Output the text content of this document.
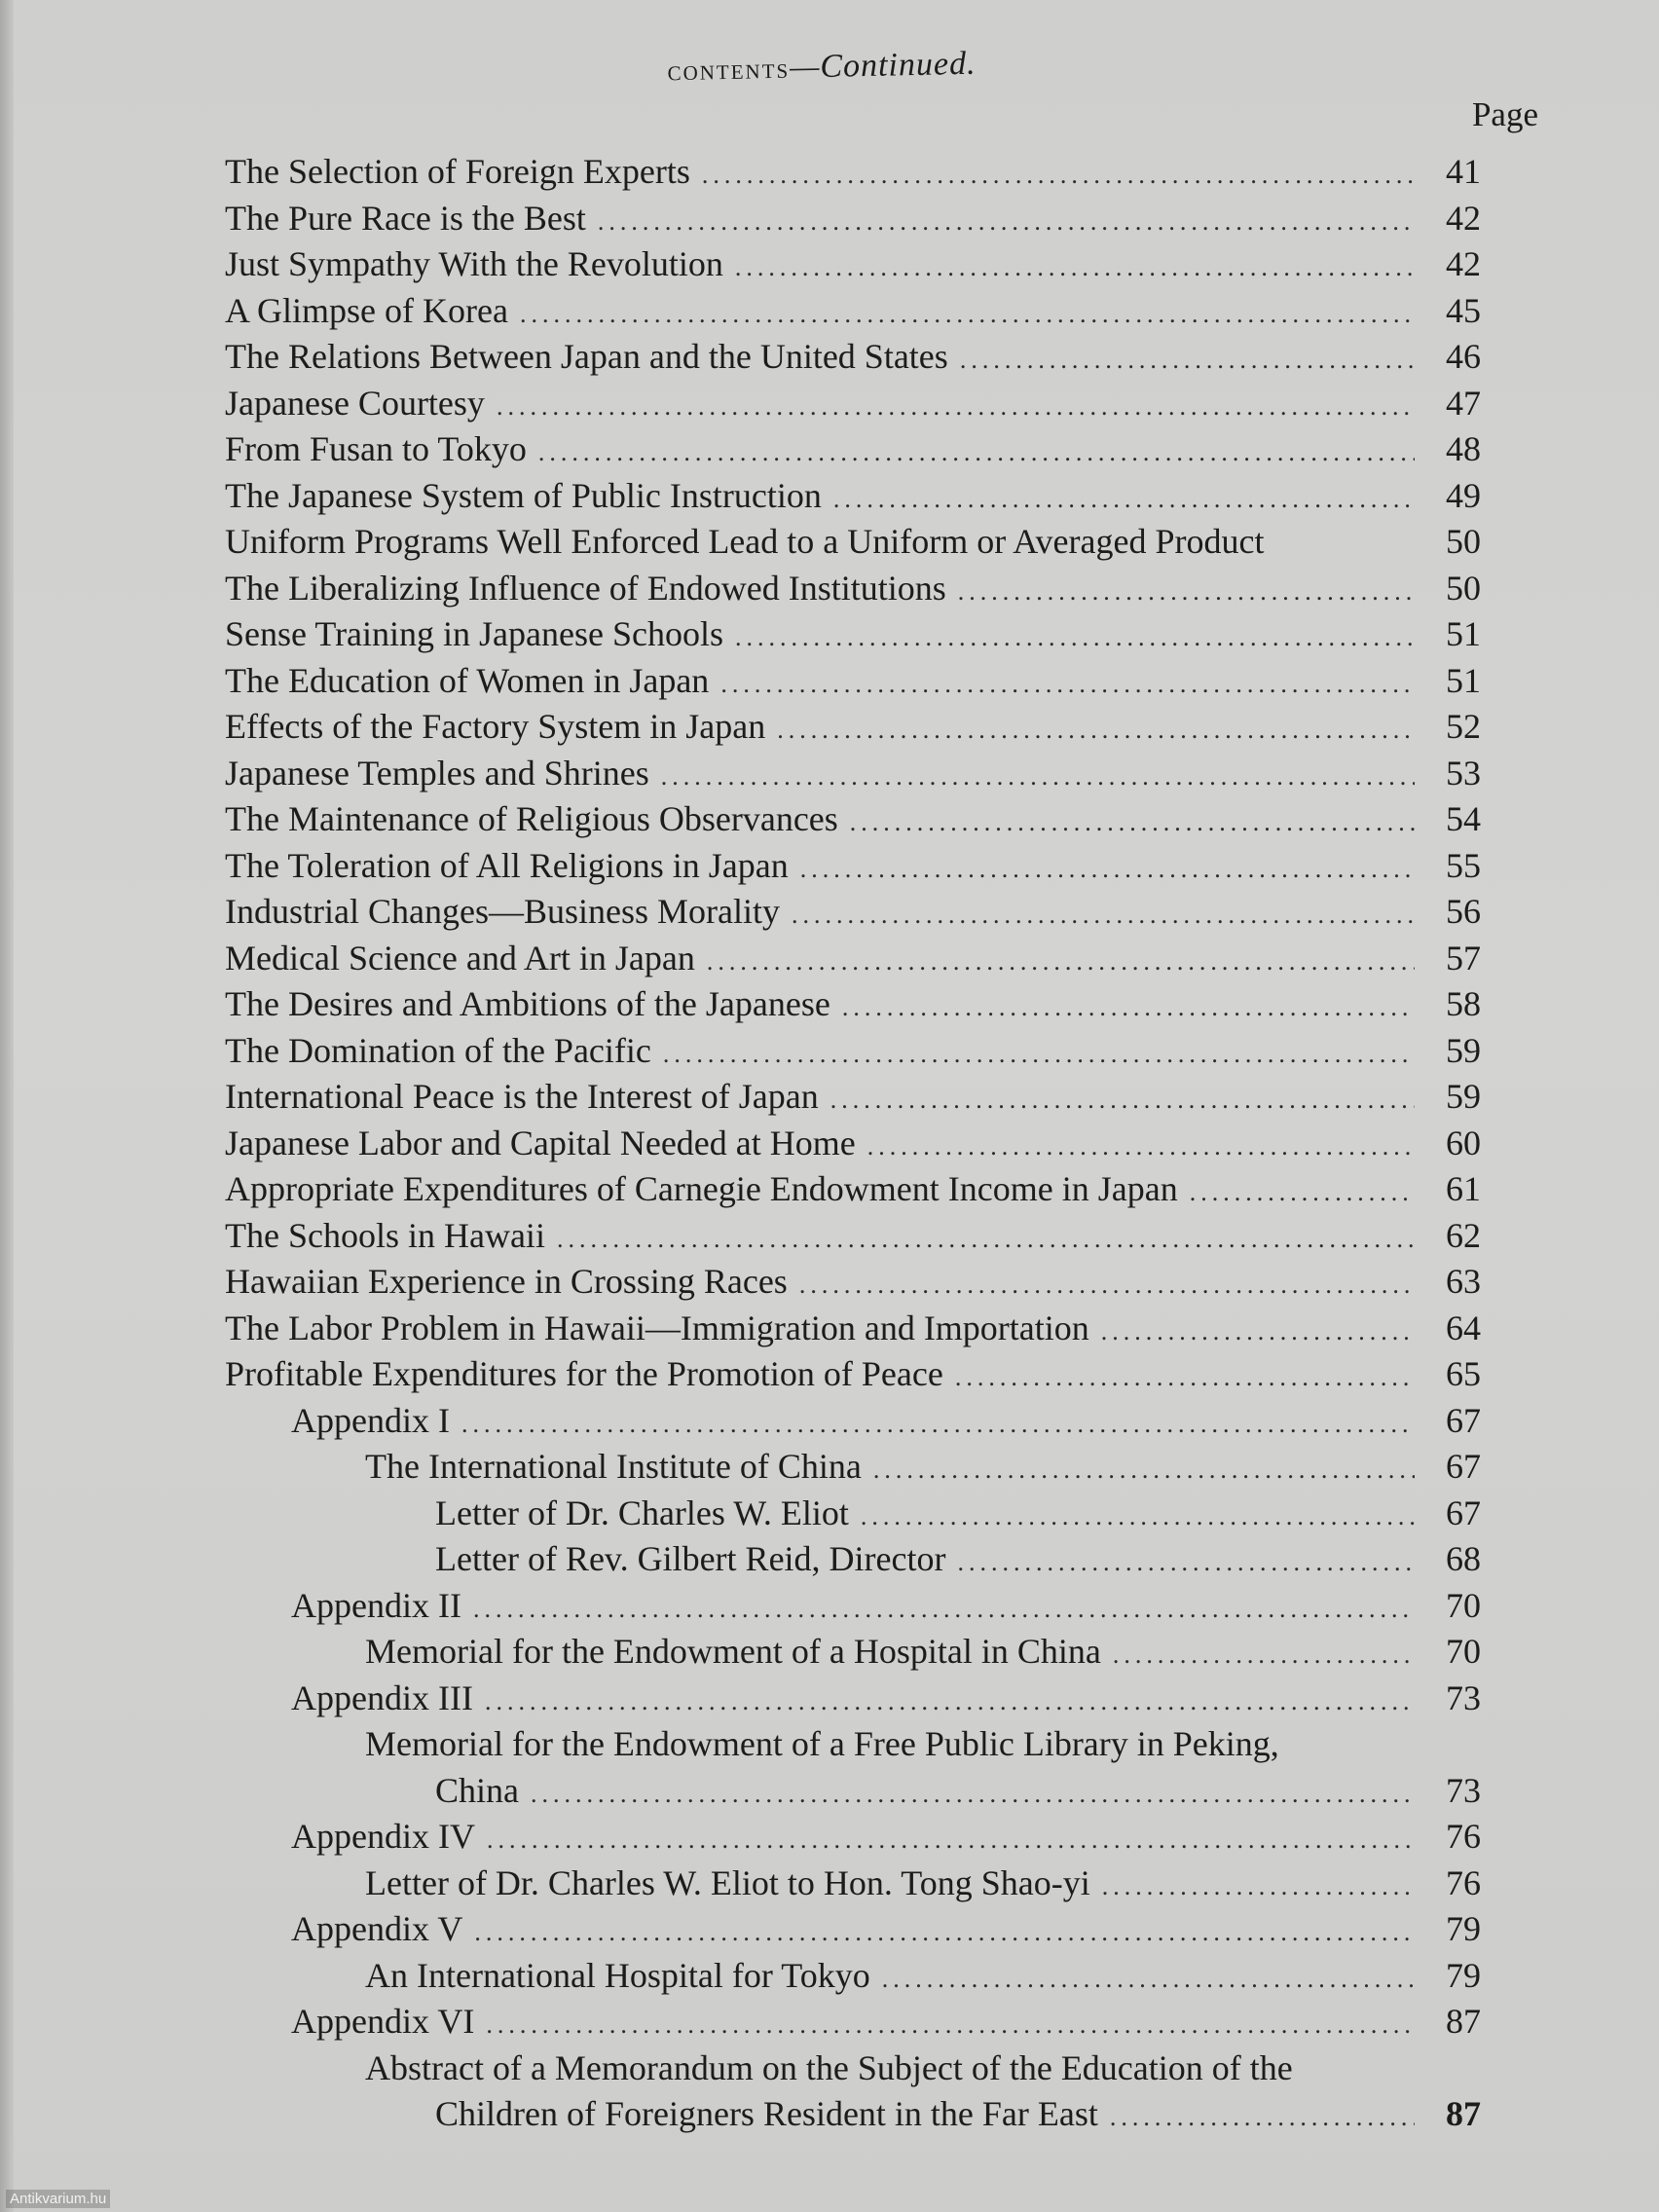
contents—Continued.
Page
The Selection of Foreign Experts .....	41
The Pure Race is the Best .....	42
Just Sympathy With the Revolution .....	42
A Glimpse of Korea .....	45
The Relations Between Japan and the United States .....	46
Japanese Courtesy .....	47
From Fusan to Tokyo .....	48
The Japanese System of Public Instruction .....	49
Uniform Programs Well Enforced Lead to a Uniform or Averaged Product	50
The Liberalizing Influence of Endowed Institutions .....	50
Sense Training in Japanese Schools .....	51
The Education of Women in Japan .....	51
Effects of the Factory System in Japan .....	52
Japanese Temples and Shrines .....	53
The Maintenance of Religious Observances .....	54
The Toleration of All Religions in Japan .....	55
Industrial Changes—Business Morality .....	56
Medical Science and Art in Japan .....	57
The Desires and Ambitions of the Japanese .....	58
The Domination of the Pacific .....	59
International Peace is the Interest of Japan .....	59
Japanese Labor and Capital Needed at Home .....	60
Appropriate Expenditures of Carnegie Endowment Income in Japan .....	61
The Schools in Hawaii .....	62
Hawaiian Experience in Crossing Races .....	63
The Labor Problem in Hawaii—Immigration and Importation .....	64
Profitable Expenditures for the Promotion of Peace .....	65
Appendix I .....	67
The International Institute of China .....	67
Letter of Dr. Charles W. Eliot .....	67
Letter of Rev. Gilbert Reid, Director .....	68
Appendix II .....	70
Memorial for the Endowment of a Hospital in China .....	70
Appendix III .....	73
Memorial for the Endowment of a Free Public Library in Peking,
China .....	73
Appendix IV .....	76
Letter of Dr. Charles W. Eliot to Hon. Tong Shao-yi .....	76
Appendix V .....	79
An International Hospital for Tokyo .....	79
Appendix VI .....	87
Abstract of a Memorandum on the Subject of the Education of the
Children of Foreigners Resident in the Far East .....	87
Antikvarium.hu
